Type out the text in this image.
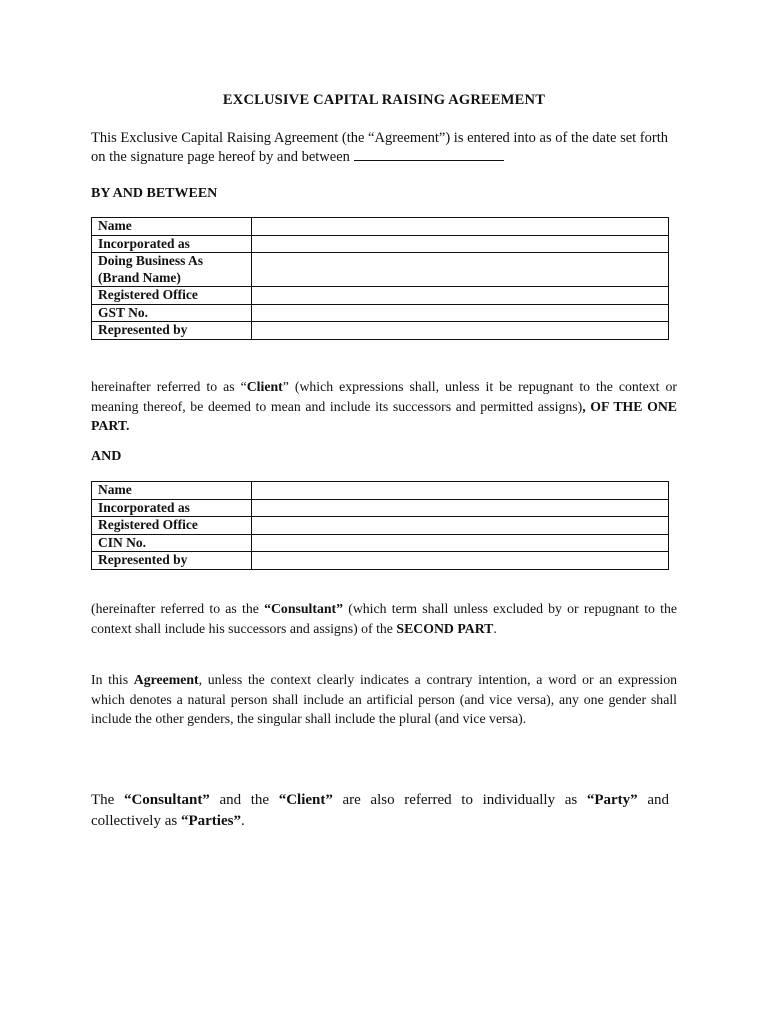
EXCLUSIVE CAPITAL RAISING AGREEMENT
This Exclusive Capital Raising Agreement (the “Agreement”) is entered into as of the date set forth on the signature page hereof by and between
BY AND BETWEEN
Name	
Incorporated as	
Doing Business As (Brand Name)	
Registered Office	
GST No.	
Represented by	
hereinafter referred to as “Client” (which expressions shall, unless it be repugnant to the context or meaning thereof, be deemed to mean and include its successors and permitted assigns), OF THE ONE PART.
AND
Name	
Incorporated as	
Registered Office	
CIN No.	
Represented by	
(hereinafter referred to as the “Consultant” (which term shall unless excluded by or repugnant to the context shall include his successors and assigns) of the SECOND PART.
In this Agreement, unless the context clearly indicates a contrary intention, a word or an expression which denotes a natural person shall include an artificial person (and vice versa), any one gender shall include the other genders, the singular shall include the plural (and vice versa).
The “Consultant” and the “Client” are also referred to individually as “Party” and collectively as “Parties”.
